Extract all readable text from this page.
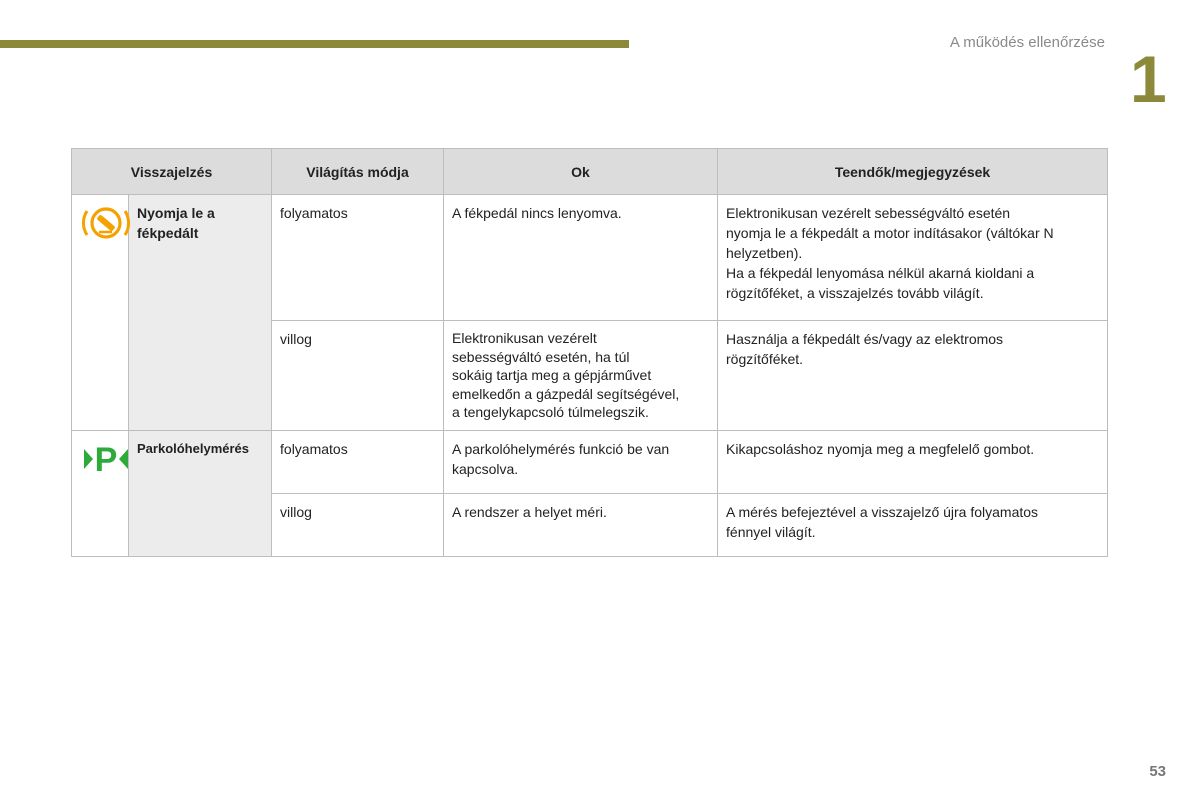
A működés ellenőrzése 1
Visszajelzés		Világítás módja	Ok	Teendők/megjegyzések

Nyomja le a
fékpedált	folyamatos	A fékpedál nincs lenyomva.	Elektronikusan vezérelt sebességváltó esetén
nyomja le a fékpedált a motor indításakor (váltókar N
helyzetben).
Ha a fékpedál lenyomása nélkül akarná kioldani a
rögzítőféket, a visszajelzés tovább világít.

		villog	Elektronikusan vezérelt
sebességváltó esetén, ha túl
sokáig tartja meg a gépjárművet
emelkedőn a gázpedál segítségével,
a tengelykapcsoló túlmelegszik.	Használja a fékpedált és/vagy az elektromos
rögzítőféket.

P	Parkolóhelymérés	folyamatos	A parkolóhelymérés funkció be van
kapcsolva.	Kikapcsoláshoz nyomja meg a megfelelő gombot.

		villog	A rendszer a helyet méri.	A mérés befejeztével a visszajelző újra folyamatos
fénnyel világít.
53
